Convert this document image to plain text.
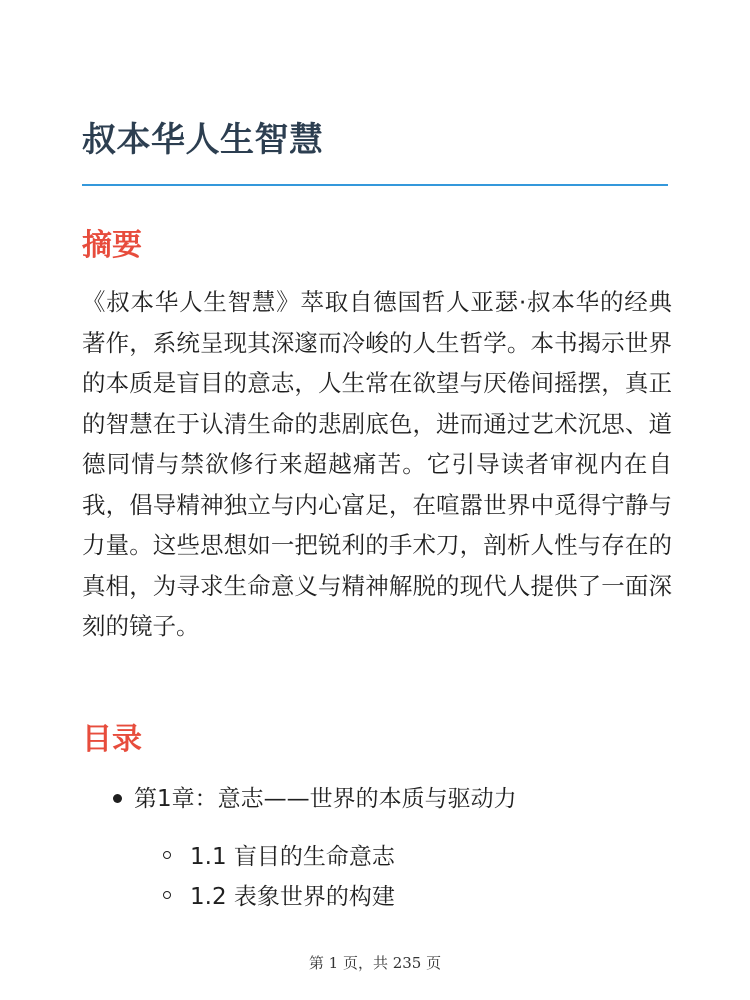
叔本华人生智慧
摘要

《叔本华人生智慧》萃取自德国哲人亚瑟·叔本华的经典著作，系统呈现其深邃而冷峻的人生哲学。本书揭示世界的本质是盲目的意志，人生常在欲望与厌倦间摇摆，真正的智慧在于认清生命的悲剧底色，进而通过艺术沉思、道德同情与禁欲修行来超越痛苦。它引导读者审视内在自我，倡导精神独立与内心富足，在喧嚣世界中觅得宁静与力量。这些思想如一把锐利的手术刀，剖析人性与存在的真相，为寻求生命意义与精神解脱的现代人提供了一面深刻的镜子。

目录
第1章：意志——世界的本质与驱动力
1.1 盲目的生命意志
1.2 表象世界的构建
第 1 页，共 235 页
